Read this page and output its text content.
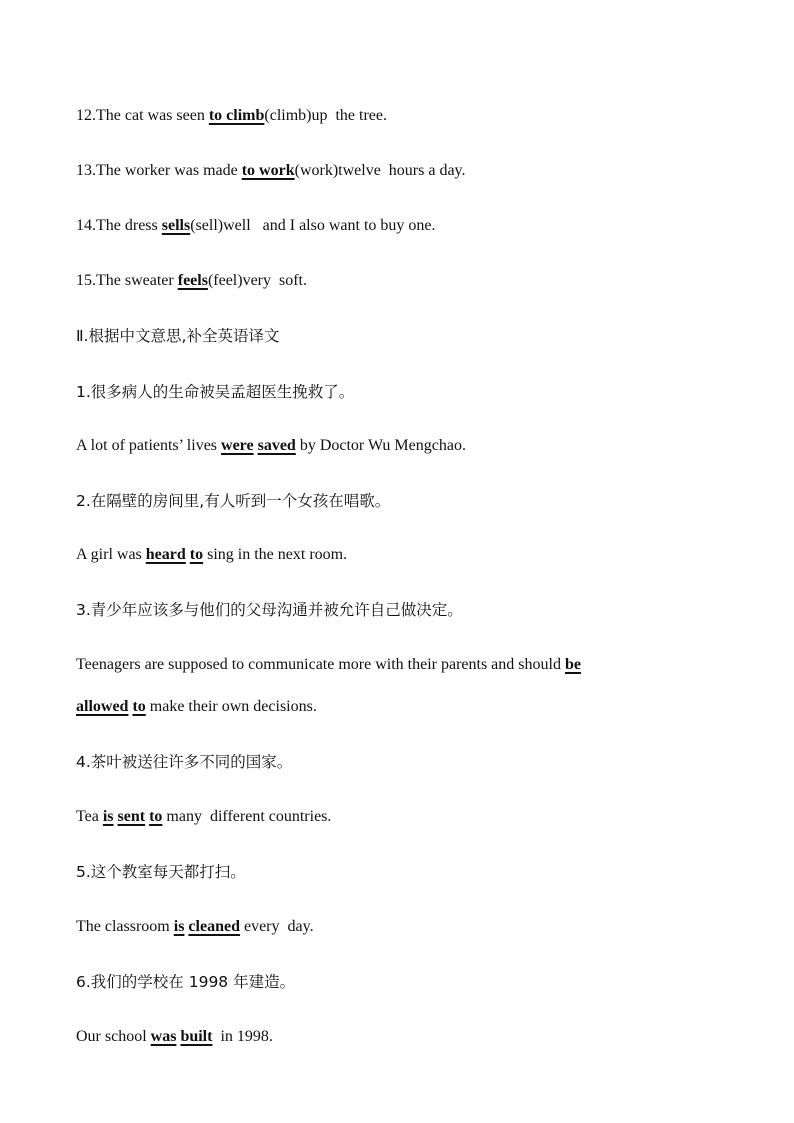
12.The cat was seen to climb(climb)up  the tree.
13.The worker was made to work(work)twelve  hours a day.
14.The dress sells(sell)well   and I also want to buy one.
15.The sweater feels(feel)very  soft.
Ⅱ.根据中文意思,补全英语译文
1.很多病人的生命被吴孟超医生挽救了。
A lot of patients’ lives were saved by Doctor Wu Mengchao.
2.在隔壁的房间里,有人听到一个女孩在唱歌。
A girl was heard to sing in the next room.
3.青少年应该多与他们的父母沟通并被允许自己做决定。
Teenagers are supposed to communicate more with their parents and should be
allowed to make their own decisions.
4.茶叶被送往许多不同的国家。
Tea is sent to many  different countries.
5.这个教室每天都打扫。
The classroom is cleaned every  day.
6.我们的学校在 1998 年建造。
Our school was built  in 1998.
